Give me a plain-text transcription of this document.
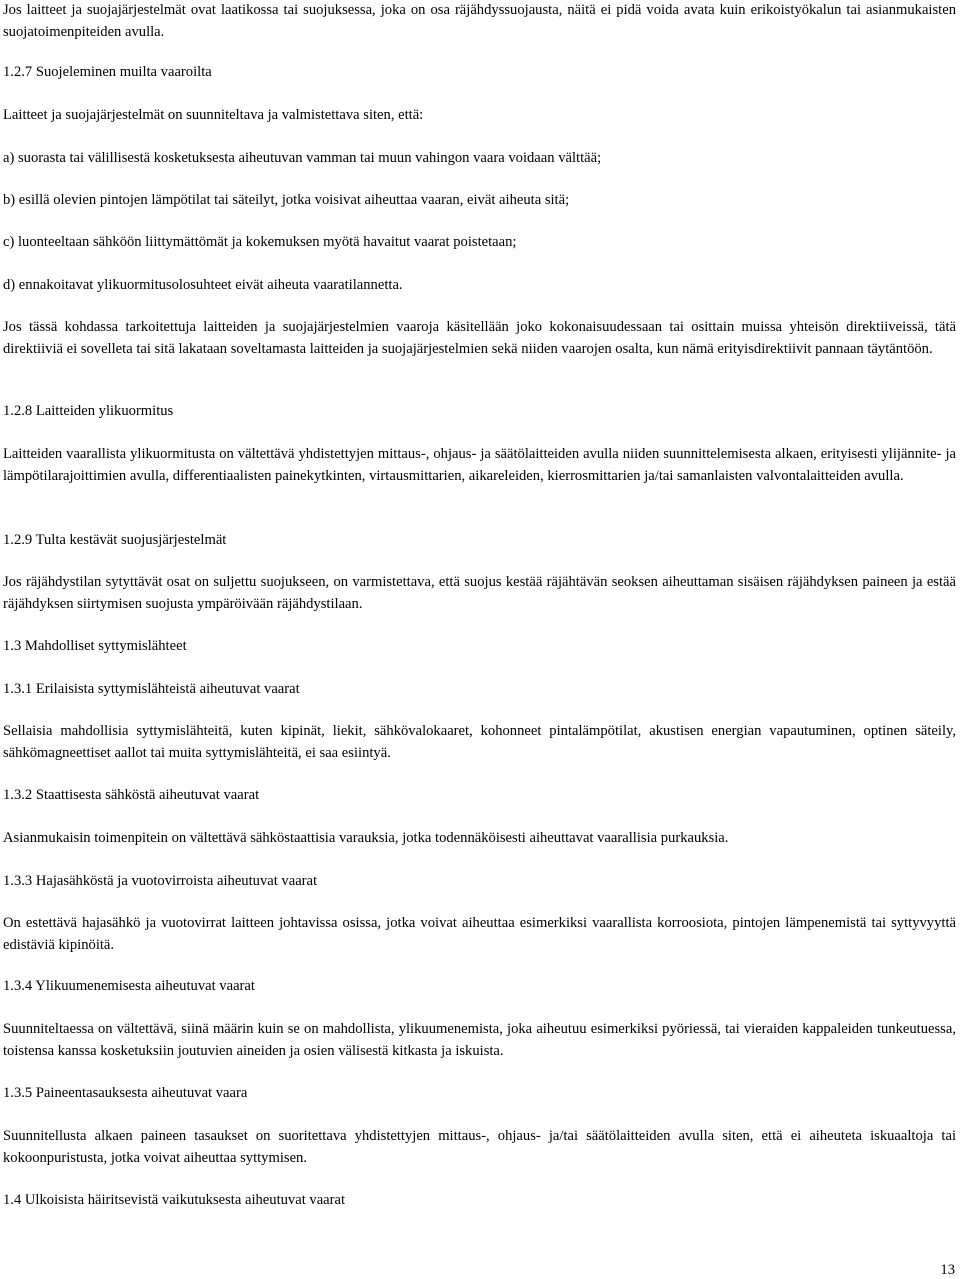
Jos laitteet ja suojajärjestelmät ovat laatikossa tai suojuksessa, joka on osa räjähdyssuojausta, näitä ei pidä voida avata kuin erikoistyökalun tai asianmukaisten suojatoimenpiteiden avulla.

1.2.7 Suojeleminen muilta vaaroilta

Laitteet ja suojajärjestelmät on suunniteltava ja valmistettava siten, että:

a) suorasta tai välillisestä kosketuksesta aiheutuvan vamman tai muun vahingon vaara voidaan välttää;

b) esillä olevien pintojen lämpötilat tai säteilyt, jotka voisivat aiheuttaa vaaran, eivät aiheuta sitä;

c) luonteeltaan sähköön liittymättömät ja kokemuksen myötä havaitut vaarat poistetaan;

d) ennakoitavat ylikuormitusolosuhteet eivät aiheuta vaaratilannetta.

Jos tässä kohdassa tarkoitettuja laitteiden ja suojajärjestelmien vaaroja käsitellään joko kokonaisuudessaan tai osittain muissa yhteisön direktiiveissä, tätä direktiiviä ei sovelleta tai sitä lakataan soveltamasta laitteiden ja suojajärjestelmien sekä niiden vaarojen osalta, kun nämä erityisdirektiivit pannaan täytäntöön.

1.2.8 Laitteiden ylikuormitus

Laitteiden vaarallista ylikuormitusta on vältettävä yhdistettyjen mittaus-, ohjaus- ja säätölaitteiden avulla niiden suunnittelemisesta alkaen, erityisesti ylijännite- ja lämpötilarajoittimien avulla, differentiaalisten painekytkinten, virtausmittarien, aikareleiden, kierrosmittarien ja/tai samanlaisten valvontalaitteiden avulla.

1.2.9 Tulta kestävät suojusjärjestelmät

Jos räjähdystilan sytyttävät osat on suljettu suojukseen, on varmistettava, että suojus kestää räjähtävän seoksen aiheuttaman sisäisen räjähdyksen paineen ja estää räjähdyksen siirtymisen suojusta ympäröivään räjähdystilaan.

1.3 Mahdolliset syttymislähteet

1.3.1 Erilaisista syttymislähteistä aiheutuvat vaarat

Sellaisia mahdollisia syttymislähteitä, kuten kipinät, liekit, sähkövalokaaret, kohonneet pintalämpötilat, akustisen energian vapautuminen, optinen säteily, sähkömagneettiset aallot tai muita syttymislähteitä, ei saa esiintyä.

1.3.2 Staattisesta sähköstä aiheutuvat vaarat

Asianmukaisin toimenpitein on vältettävä sähköstaattisia varauksia, jotka todennäköisesti aiheuttavat vaarallisia purkauksia.

1.3.3 Hajasähköstä ja vuotovirroista aiheutuvat vaarat

On estettävä hajasähkö ja vuotovirrat laitteen johtavissa osissa, jotka voivat aiheuttaa esimerkiksi vaarallista korroosiota, pintojen lämpenemistä tai syttyvyyttä edistäviä kipinöitä.

1.3.4 Ylikuumenemisesta aiheutuvat vaarat

Suunniteltaessa on vältettävä, siinä määrin kuin se on mahdollista, ylikuumenemista, joka aiheutuu esimerkiksi pyöriessä, tai vieraiden kappaleiden tunkeutuessa, toistensa kanssa kosketuksiin joutuvien aineiden ja osien välisestä kitkasta ja iskuista.

1.3.5 Paineentasauksesta aiheutuvat vaara

Suunnitellusta alkaen paineen tasaukset on suoritettava yhdistettyjen mittaus-, ohjaus- ja/tai säätölaitteiden avulla siten, että ei aiheuteta iskuaaltoja tai kokoonpuristusta, jotka voivat aiheuttaa syttymisen.

1.4 Ulkoisista häiritsevistä vaikutuksesta aiheutuvat vaarat

13
